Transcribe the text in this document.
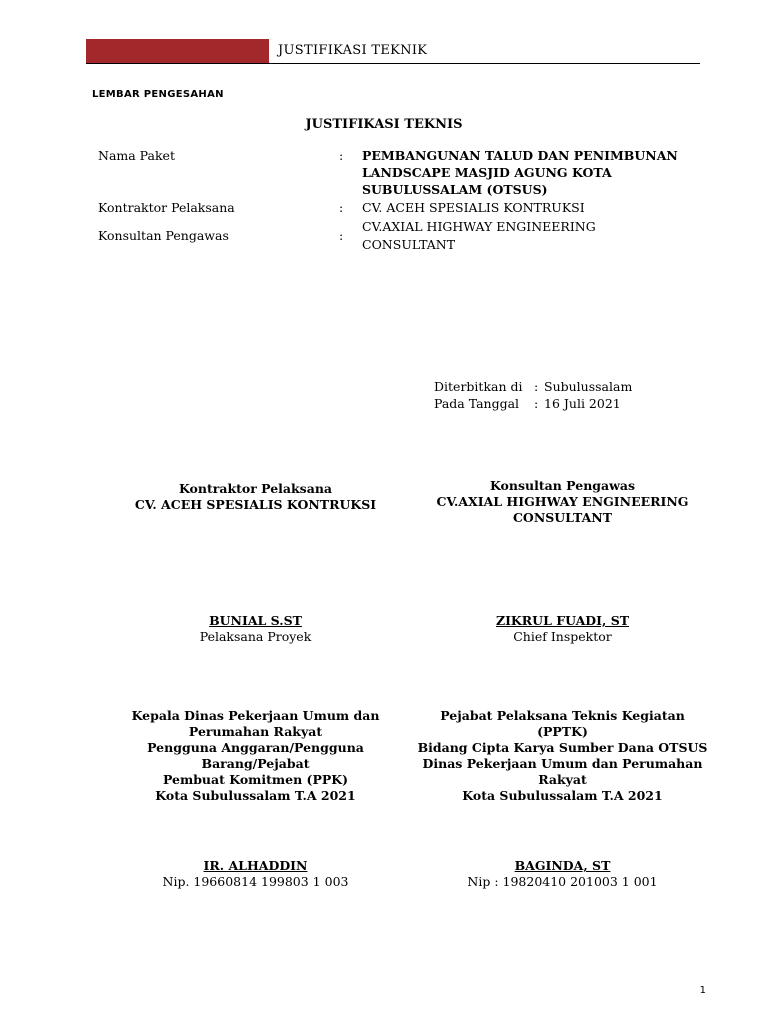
JUSTIFIKASI TEKNIK
LEMBAR PENGESAHAN
JUSTIFIKASI TEKNIS
Nama Paket	: PEMBANGUNAN TALUD DAN PENIMBUNAN
LANDSCAPE MASJID AGUNG KOTA
SUBULUSSALAM (OTSUS)
Kontraktor Pelaksana	: CV. ACEH SPESIALIS KONTRUKSI
Konsultan Pengawas	:
CV.AXIAL HIGHWAY ENGINEERING
CONSULTANT
Diterbitkan di : Subulussalam
Pada Tanggal : 16 Juli 2021
Kontraktor Pelaksana
CV. ACEH SPESIALIS KONTRUKSI
Konsultan Pengawas
CV.AXIAL HIGHWAY ENGINEERING
CONSULTANT
BUNIAL S.ST
Pelaksana Proyek
ZIKRUL FUADI, ST
Chief Inspektor
Kepala Dinas Pekerjaan Umum dan
Perumahan Rakyat
Pengguna Anggaran/Pengguna Barang/Pejabat
Pembuat Komitmen (PPK)
Kota Subulussalam T.A 2021
Pejabat Pelaksana Teknis Kegiatan (PPTK)
Bidang Cipta Karya Sumber Dana OTSUS
Dinas Pekerjaan Umum dan Perumahan Rakyat
Kota Subulussalam T.A 2021
IR. ALHADDIN
Nip. 19660814 199803 1 003
BAGINDA, ST
Nip : 19820410 201003 1 001
1
